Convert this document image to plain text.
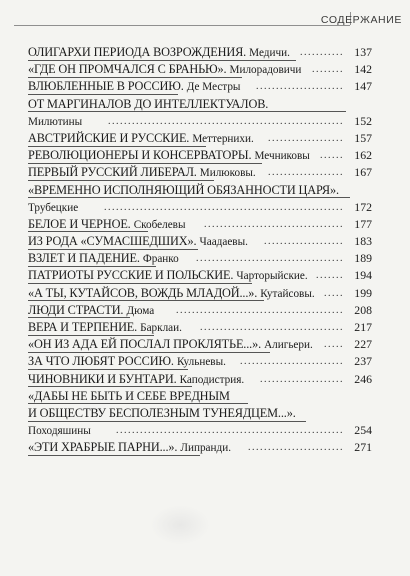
СОДЕРЖАНИЕ
ОЛИГАРХИ ПЕРИОДА ВОЗРОЖДЕНИЯ. Медичи.	........... 137
«ГДЕ ОН ПРОМЧАЛСЯ С БРАНЬЮ». Милорадовичи	........ 142
ВЛЮБЛЕННЫЕ В РОССИЮ. Де Местры	...................... 147
ОТ МАРГИНАЛОВ ДО ИНТЕЛЛЕКТУАЛОВ.
Милютины	........................................................... 152
АВСТРИЙСКИЕ И РУССКИЕ. Меттернихи.	................... 157
РЕВОЛЮЦИОНЕРЫ И КОНСЕРВАТОРЫ. Мечниковы	...... 162
ПЕРВЫЙ РУССКИЙ ЛИБЕРАЛ. Милюковы.	................... 167
«ВРЕМЕННО ИСПОЛНЯЮЩИЙ ОБЯЗАННОСТИ ЦАРЯ».
Трубецкие	............................................................ 172
БЕЛОЕ И ЧЕРНОЕ. Скобелевы	................................... 177
ИЗ РОДА «СУМАСШЕДШИХ». Чаадаевы.	.................... 183
ВЗЛЕТ И ПАДЕНИЕ. Франко	..................................... 189
ПАТРИОТЫ РУССКИЕ И ПОЛЬСКИЕ. Чарторыйские. ....... 194
«А ТЫ, КУТАЙСОВ, ВОЖДЬ МЛАДОЙ...». Кутайсовы. ..... 199
ЛЮДИ СТРАСТИ. Дюма	.......................................... 208
ВЕРА И ТЕРПЕНИЕ. Барклаи.	.................................... 217
«ОН ИЗ АДА ЕЙ ПОСЛАЛ ПРОКЛЯТЬЕ...». Алигьери.	..... 227
ЗА ЧТО ЛЮБЯТ РОССИЮ. Кульневы.	.......................... 237
ЧИНОВНИКИ И БУНТАРИ. Каподистрия.	..................... 246
«ДАБЫ НЕ БЫТЬ И СЕБЕ ВРЕДНЫМ
И ОБЩЕСТВУ БЕСПОЛЕЗНЫМ ТУНЕЯДЦЕМ...».
Походяшины	......................................................... 254
«ЭТИ ХРАБРЫЕ ПАРНИ...». Липранди.	........................ 271
